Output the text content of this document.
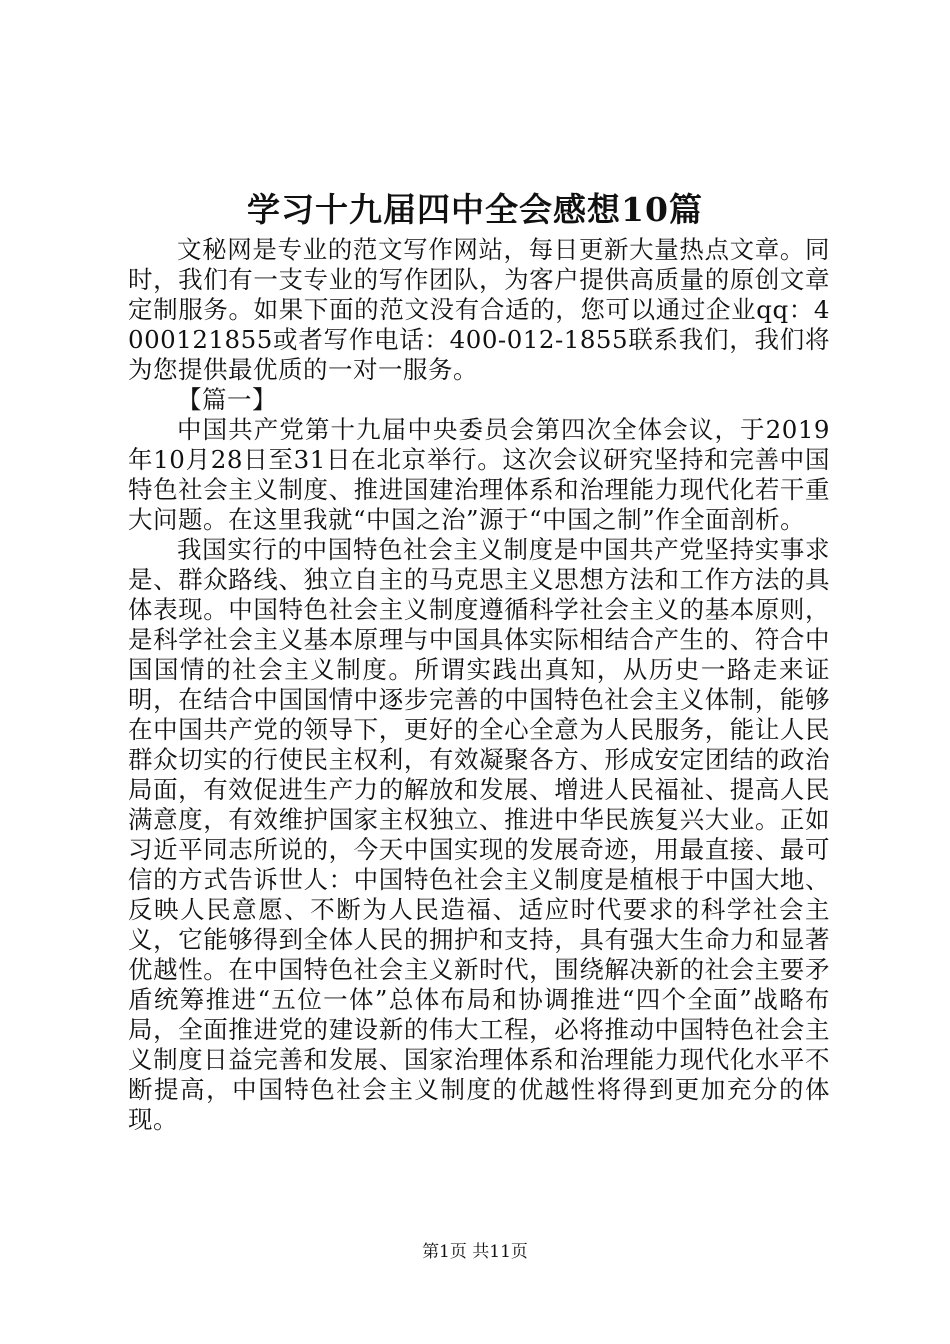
学习十九届四中全会感想10篇

文秘网是专业的范文写作网站，每日更新大量热点文章。同时，我们有一支专业的写作团队，为客户提供高质量的原创文章定制服务。如果下面的范文没有合适的，您可以通过企业qq：4000121855或者写作电话：400-012-1855联系我们，我们将为您提供最优质的一对一服务。

【篇一】

中国共产党第十九届中央委员会第四次全体会议，于2019年10月28日至31日在北京举行。这次会议研究坚持和完善中国特色社会主义制度、推进国建治理体系和治理能力现代化若干重大问题。在这里我就“中国之治”源于“中国之制”作全面剖析。

我国实行的中国特色社会主义制度是中国共产党坚持实事求是、群众路线、独立自主的马克思主义思想方法和工作方法的具体表现。中国特色社会主义制度遵循科学社会主义的基本原则，是科学社会主义基本原理与中国具体实际相结合产生的、符合中国国情的社会主义制度。所谓实践出真知，从历史一路走来证明，在结合中国国情中逐步完善的中国特色社会主义体制，能够在中国共产党的领导下，更好的全心全意为人民服务，能让人民群众切实的行使民主权利，有效凝聚各方、形成安定团结的政治局面，有效促进生产力的解放和发展、增进人民福祉、提高人民满意度，有效维护国家主权独立、推进中华民族复兴大业。正如习近平同志所说的，今天中国实现的发展奇迹，用最直接、最可信的方式告诉世人：中国特色社会主义制度是植根于中国大地、反映人民意愿、不断为人民造福、适应时代要求的科学社会主义，它能够得到全体人民的拥护和支持，具有强大生命力和显著优越性。在中国特色社会主义新时代，围绕解决新的社会主要矛盾统筹推进“五位一体”总体布局和协调推进“四个全面”战略布局，全面推进党的建设新的伟大工程，必将推动中国特色社会主义制度日益完善和发展、国家治理体系和治理能力现代化水平不断提高，中国特色社会主义制度的优越性将得到更加充分的体现。

第1页 共11页
